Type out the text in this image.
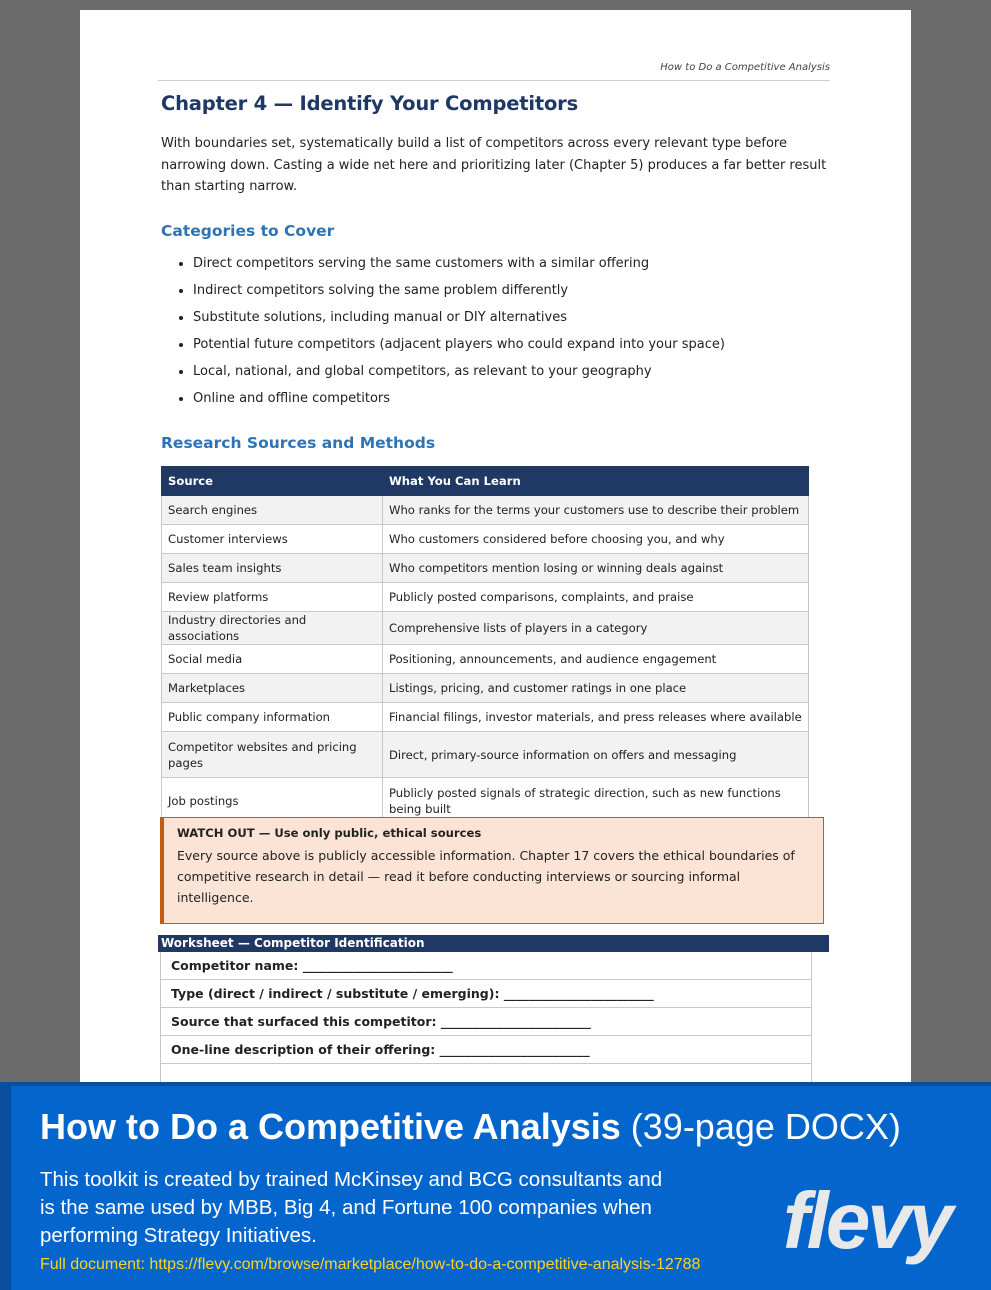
How to Do a Competitive Analysis
Chapter 4 — Identify Your Competitors

With boundaries set, systematically build a list of competitors across every relevant type before narrowing down. Casting a wide net here and prioritizing later (Chapter 5) produces a far better result than starting narrow.

Categories to Cover
• Direct competitors serving the same customers with a similar offering
• Indirect competitors solving the same problem differently
• Substitute solutions, including manual or DIY alternatives
• Potential future competitors (adjacent players who could expand into your space)
• Local, national, and global competitors, as relevant to your geography
• Online and offline competitors
Research Sources and Methods
Source	What You Can Learn
Search engines	Who ranks for the terms your customers use to describe their problem
Customer interviews	Who customers considered before choosing you, and why
Sales team insights	Who competitors mention losing or winning deals against
Review platforms	Publicly posted comparisons, complaints, and praise
Industry directories and associations	Comprehensive lists of players in a category
Social media	Positioning, announcements, and audience engagement
Marketplaces	Listings, pricing, and customer ratings in one place
Public company information	Financial filings, investor materials, and press releases where available
Competitor websites and pricing pages	Direct, primary-source information on offers and messaging
Job postings	Publicly posted signals of strategic direction, such as new functions being built

WATCH OUT — Use only public, ethical sources

Every source above is publicly accessible information. Chapter 17 covers the ethical boundaries of competitive research in detail — read it before conducting interviews or sourcing informal intelligence.

Worksheet — Competitor Identification
Competitor name: ________________________
Type (direct / indirect / substitute / emerging): ________________________
Source that surfaced this competitor: ________________________
One-line description of their offering: ________________________
How to Do a Competitive Analysis (39-page DOCX)

This toolkit is created by trained McKinsey and BCG consultants and is the same used by MBB, Big 4, and Fortune 100 companies when performing Strategy Initiatives.

Full document: https://flevy.com/browse/marketplace/how-to-do-a-competitive-analysis-12788 flevy
